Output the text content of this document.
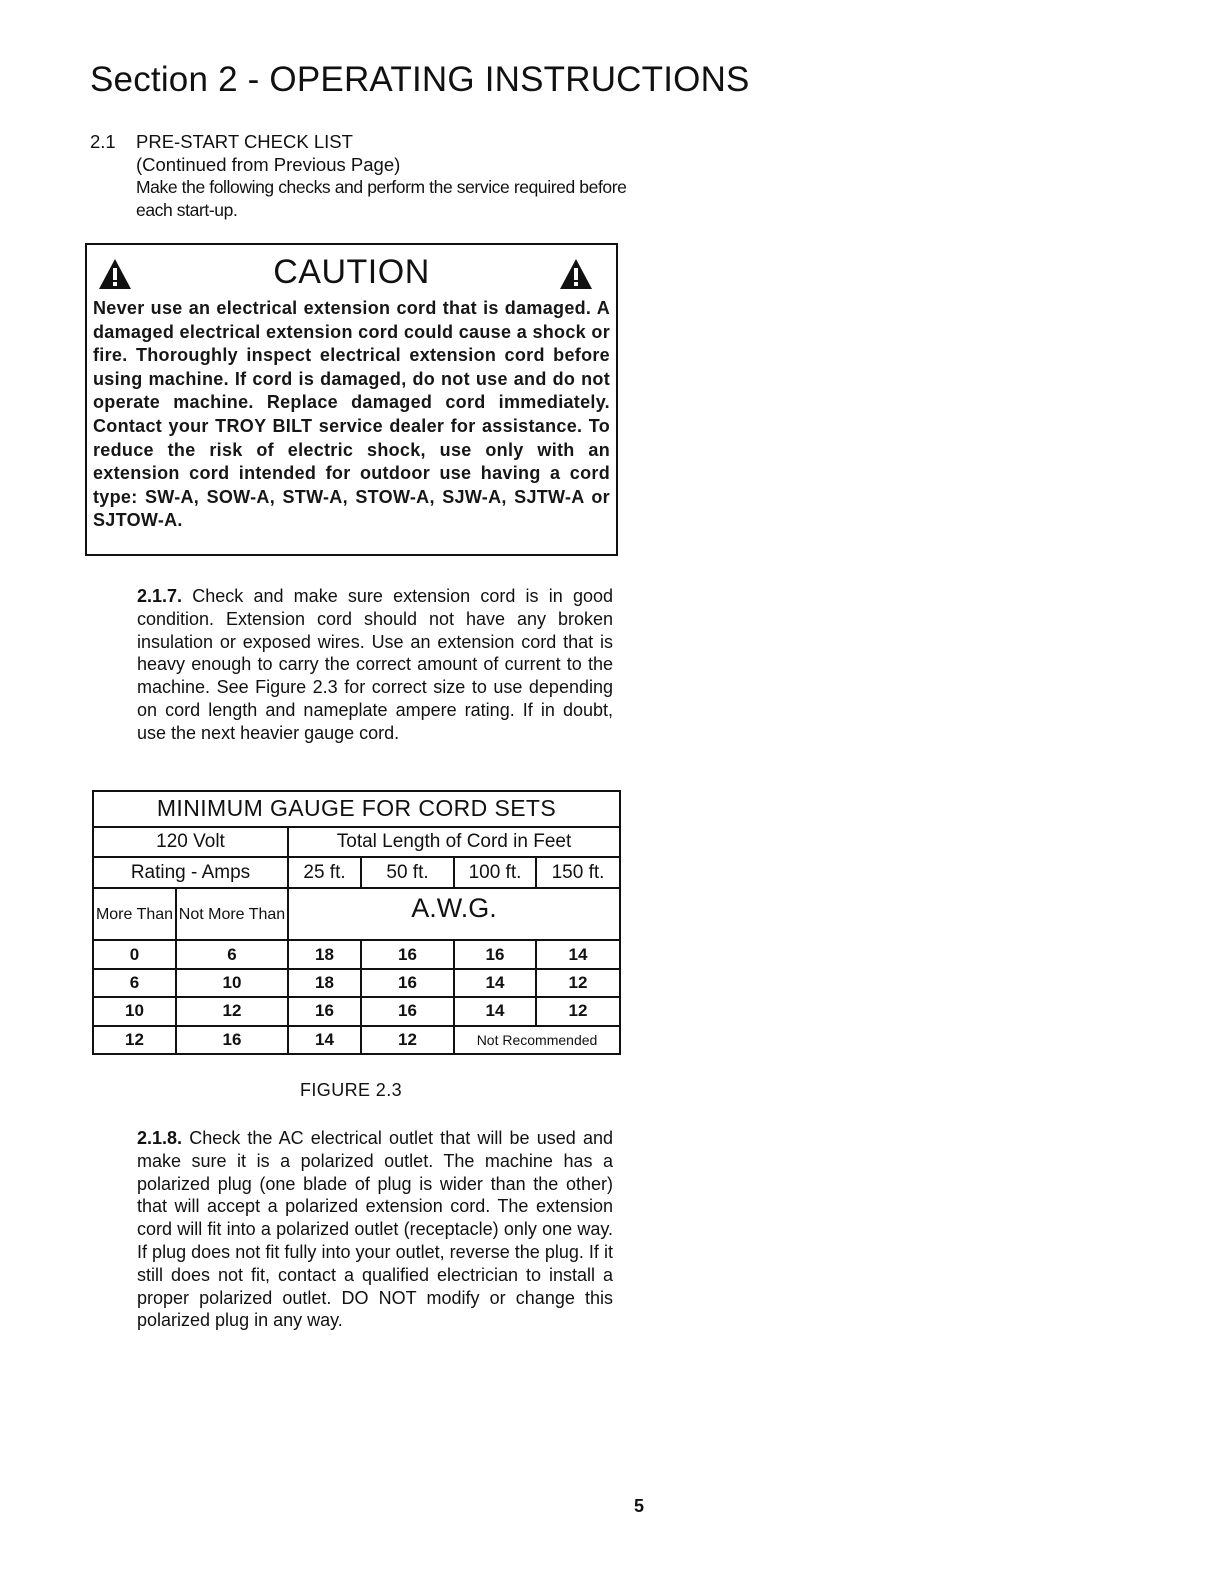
Section 2 - OPERATING INSTRUCTIONS
2.1 PRE-START CHECK LIST
(Continued from Previous Page)
Make the following checks and perform the service required before each start-up.
CAUTION
Never use an electrical extension cord that is damaged. A damaged electrical extension cord could cause a shock or fire. Thoroughly inspect electrical extension cord before using machine. If cord is damaged, do not use and do not operate machine. Replace damaged cord immediately. Contact your TROY BILT service dealer for assistance. To reduce the risk of electric shock, use only with an extension cord intended for outdoor use having a cord type: SW-A, SOW-A, STW-A, STOW-A, SJW-A, SJTW-A or SJTOW-A.
2.1.7. Check and make sure extension cord is in good condition. Extension cord should not have any broken insulation or exposed wires. Use an extension cord that is heavy enough to carry the correct amount of current to the machine. See Figure 2.3 for correct size to use depending on cord length and nameplate ampere rating. If in doubt, use the next heavier gauge cord.
MINIMUM GAUGE FOR CORD SETS					
120 Volt		Total Length of Cord in Feet			
Rating - Amps		25 ft.	50 ft.	100 ft.	150 ft.
More Than	Not More Than	A.W.G.			
0	6	18	16	16	14
6	10	18	16	14	12
10	12	16	16	14	12
12	16	14	12	Not Recommended	
FIGURE 2.3
2.1.8. Check the AC electrical outlet that will be used and make sure it is a polarized outlet. The machine has a polarized plug (one blade of plug is wider than the other) that will accept a polarized extension cord. The extension cord will fit into a polarized outlet (receptacle) only one way. If plug does not fit fully into your outlet, reverse the plug. If it still does not fit, contact a qualified electrician to install a proper polarized outlet. DO NOT modify or change this polarized plug in any way.
5
